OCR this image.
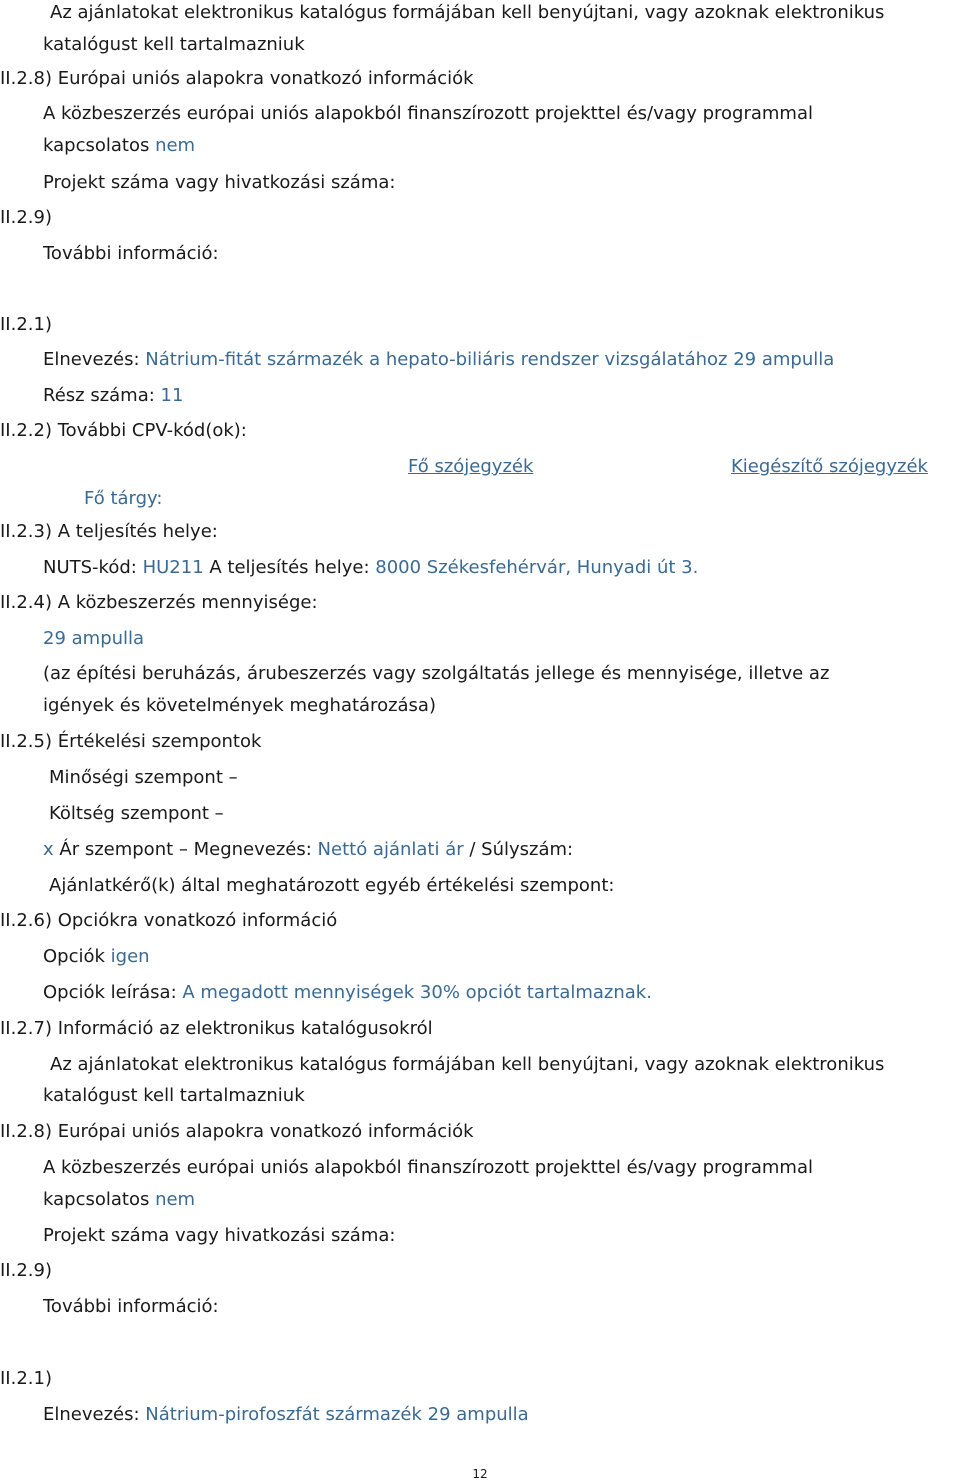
Az ajánlatokat elektronikus katalógus formájában kell benyújtani, vagy azoknak elektronikus
katalógust kell tartalmazniuk
II.2.8) Európai uniós alapokra vonatkozó információk
A közbeszerzés európai uniós alapokból finanszírozott projekttel és/vagy programmal
kapcsolatos nem
Projekt száma vagy hivatkozási száma:
II.2.9)
További információ:
II.2.1)
Elnevezés: Nátrium-fitát származék a hepato-biliáris rendszer vizsgálatához 29 ampulla
Rész száma: 11
II.2.2) További CPV-kód(ok):
Fő szójegyzék	Kiegészítő szójegyzék
Fő tárgy:
II.2.3) A teljesítés helye:
NUTS-kód: HU211 A teljesítés helye: 8000 Székesfehérvár, Hunyadi út 3.
II.2.4) A közbeszerzés mennyisége:
29 ampulla
(az építési beruházás, árubeszerzés vagy szolgáltatás jellege és mennyisége, illetve az
igények és követelmények meghatározása)
II.2.5) Értékelési szempontok
Minőségi szempont –
Költség szempont –
x Ár szempont – Megnevezés: Nettó ajánlati ár / Súlyszám:
Ajánlatkérő(k) által meghatározott egyéb értékelési szempont:
II.2.6) Opciókra vonatkozó információ
Opciók igen
Opciók leírása: A megadott mennyiségek 30% opciót tartalmaznak.
II.2.7) Információ az elektronikus katalógusokról
Az ajánlatokat elektronikus katalógus formájában kell benyújtani, vagy azoknak elektronikus
katalógust kell tartalmazniuk
II.2.8) Európai uniós alapokra vonatkozó információk
A közbeszerzés európai uniós alapokból finanszírozott projekttel és/vagy programmal
kapcsolatos nem
Projekt száma vagy hivatkozási száma:
II.2.9)
További információ:
II.2.1)
Elnevezés: Nátrium-pirofoszfát származék 29 ampulla
12
